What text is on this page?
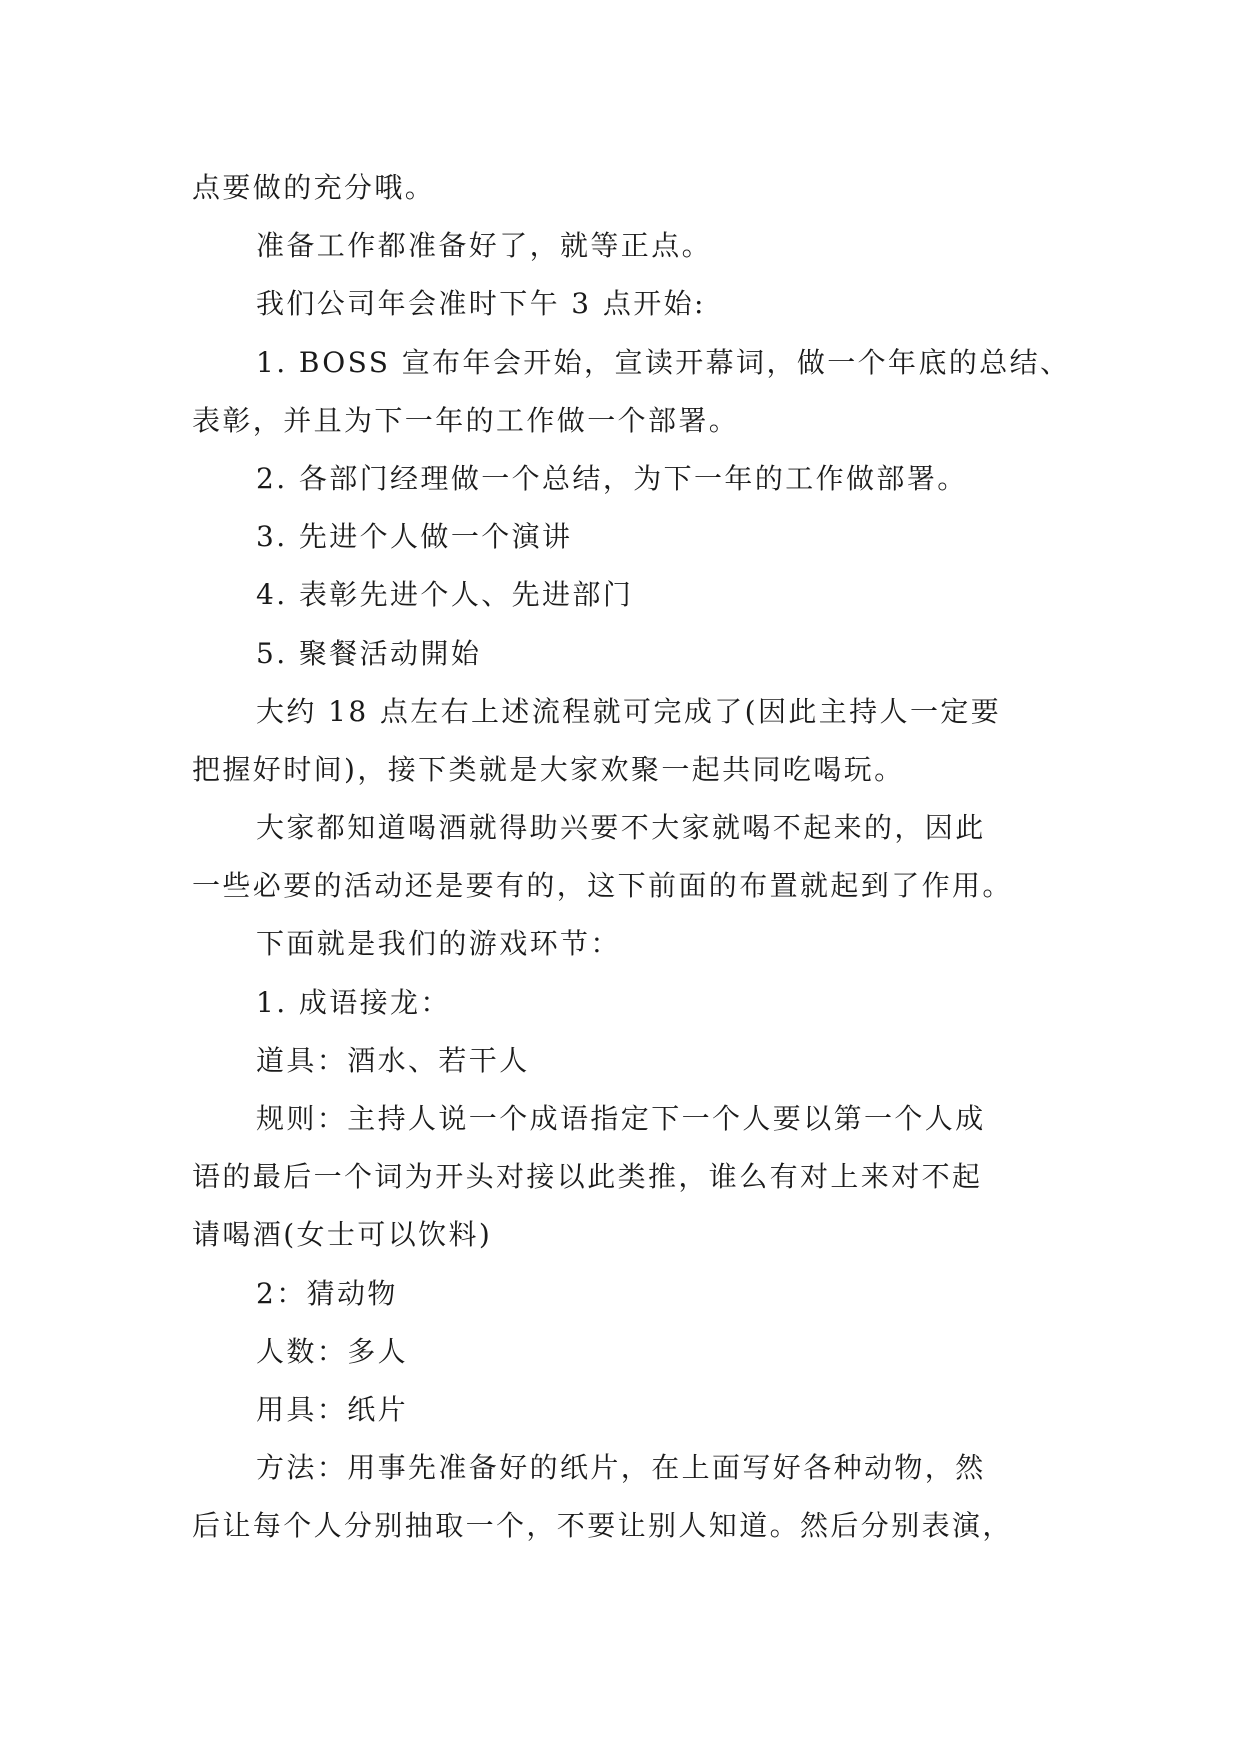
点要做的充分哦。
准备工作都准备好了，就等正点。
我们公司年会准时下午 3 点开始:
1. BOSS 宣布年会开始，宣读开幕词，做一个年底的总结、
表彰，并且为下一年的工作做一个部署。
2. 各部门经理做一个总结，为下一年的工作做部署。
3. 先进个人做一个演讲
4. 表彰先进个人、先进部门
5. 聚餐活动開始
大约 18 点左右上述流程就可完成了(因此主持人一定要
把握好时间)，接下类就是大家欢聚一起共同吃喝玩。
大家都知道喝酒就得助兴要不大家就喝不起来的，因此
一些必要的活动还是要有的，这下前面的布置就起到了作用。
下面就是我们的游戏环节：
1. 成语接龙：
道具：酒水、若干人
规则：主持人说一个成语指定下一个人要以第一个人成
语的最后一个词为开头对接以此类推，谁么有对上来对不起
请喝酒(女士可以饮料)
2：猜动物
人数：多人
用具：纸片
方法：用事先准备好的纸片，在上面写好各种动物，然
后让每个人分别抽取一个，不要让别人知道。然后分别表演，
